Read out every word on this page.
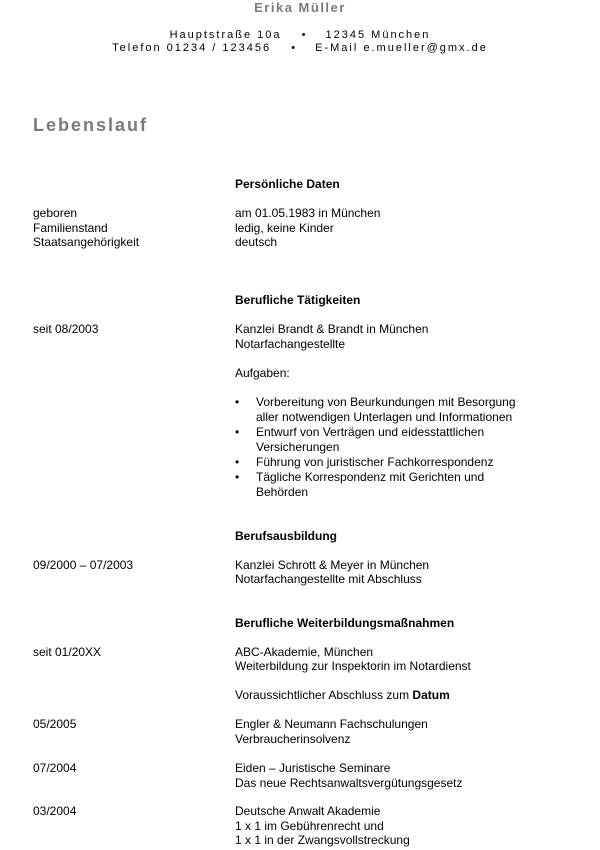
Erika Müller
Hauptstraße 10a • 12345 München
Telefon 01234 / 123456 • E-Mail e.mueller@gmx.de
Lebenslauf
Persönliche Daten
geboren	am 01.05.1983 in München
Familienstand	ledig, keine Kinder
Staatsangehörigkeit	deutsch
Berufliche Tätigkeiten
seit 08/2003	Kanzlei Brandt & Brandt in München
Notarfachangestellte
Aufgaben:
• Vorbereitung von Beurkundungen mit Besorgung
aller notwendigen Unterlagen und Informationen
• Entwurf von Verträgen und eidesstattlichen
Versicherungen
• Führung von juristischer Fachkorrespondenz
• Tägliche Korrespondenz mit Gerichten und
Behörden
Berufsausbildung
09/2000 – 07/2003	Kanzlei Schrott & Meyer in München
Notarfachangestellte mit Abschluss
Berufliche Weiterbildungsmaßnahmen
seit 01/20XX	ABC-Akademie, München
Weiterbildung zur Inspektorin im Notardienst
Voraussichtlicher Abschluss zum Datum
05/2005	Engler & Neumann Fachschulungen
Verbraucherinsolvenz
07/2004	Eiden – Juristische Seminare
Das neue Rechtsanwaltsvergütungsgesetz
03/2004	Deutsche Anwalt Akademie
1 x 1 im Gebührenrecht und
1 x 1 in der Zwangsvollstreckung
